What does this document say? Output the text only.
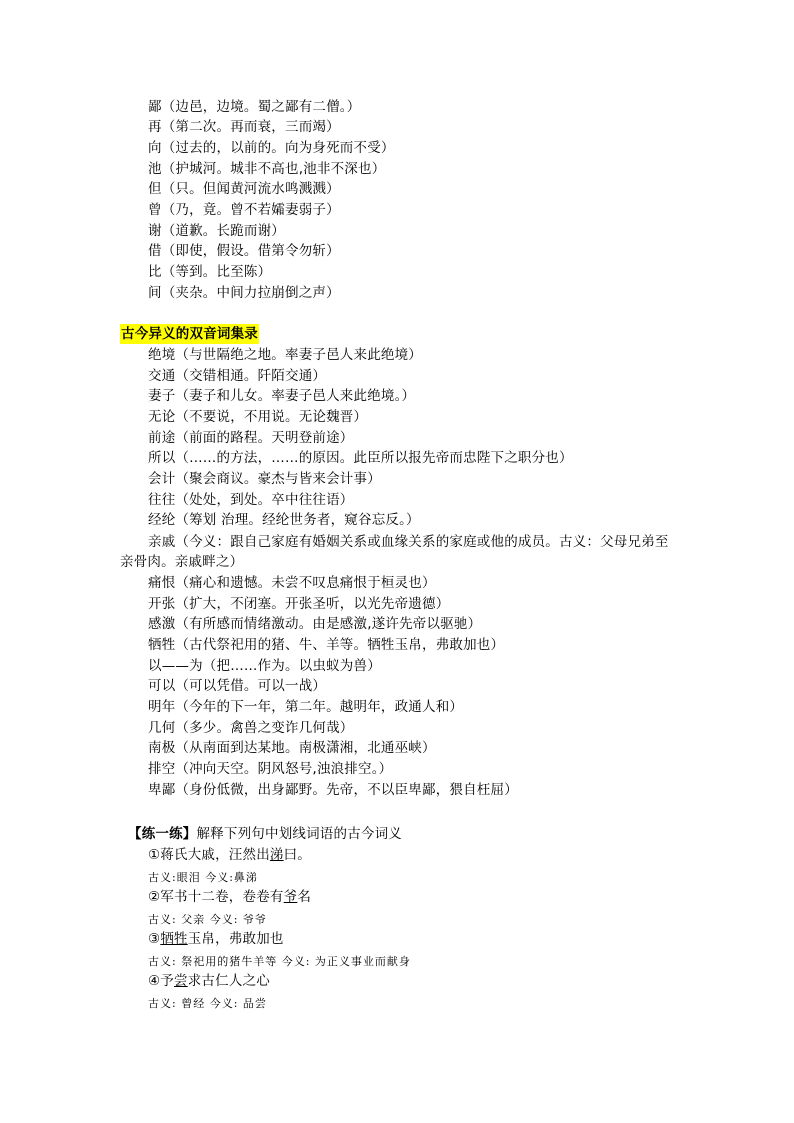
鄙（边邑，边境。蜀之鄙有二僧。）
再（第二次。再而衰，三而竭）
向（过去的，以前的。向为身死而不受）
池（护城河。城非不高也,池非不深也）
但（只。但闻黄河流水鸣溅溅）
曾（乃，竟。曾不若孀妻弱子）
谢（道歉。长跪而谢）
借（即使，假设。借第令勿斩）
比（等到。比至陈）
间（夹杂。中间力拉崩倒之声）
古今异义的双音词集录
绝境（与世隔绝之地。率妻子邑人来此绝境）
交通（交错相通。阡陌交通）
妻子（妻子和儿女。率妻子邑人来此绝境。）
无论（不要说，不用说。无论魏晋）
前途（前面的路程。天明登前途）
所以（……的方法，……的原因。此臣所以报先帝而忠陛下之职分也）
会计（聚会商议。豪杰与皆来会计事）
往往（处处，到处。卒中往往语）
经纶（筹划 治理。经纶世务者，窥谷忘反。）
亲戚（今义：跟自己家庭有婚姻关系或血缘关系的家庭或他的成员。古义：父母兄弟至
亲骨肉。亲戚畔之）
痛恨（痛心和遗憾。未尝不叹息痛恨于桓灵也）
开张（扩大，不闭塞。开张圣听，以光先帝遗德）
感激（有所感而情绪激动。由是感激,遂许先帝以驱驰）
牺牲（古代祭祀用的猪、牛、羊等。牺牲玉帛，弗敢加也）
以——为（把……作为。以虫蚁为兽）
可以（可以凭借。可以一战）
明年（今年的下一年，第二年。越明年，政通人和）
几何（多少。禽兽之变诈几何哉）
南极（从南面到达某地。南极潇湘，北通巫峡）
排空（冲向天空。阴风怒号,浊浪排空。）
卑鄙（身份低微，出身鄙野。先帝，不以臣卑鄙，猥自枉屈）
【练一练】解释下列句中划线词语的古今词义
①蒋氏大戚，汪然出涕曰。
古义:眼泪 今义:鼻涕
②军书十二卷，卷卷有爷名
古义: 父亲 今义: 爷爷
③牺牲玉帛，弗敢加也
古义: 祭祀用的猪牛羊等 今义: 为正义事业而献身
④予尝求古仁人之心
古义: 曾经 今义: 品尝
